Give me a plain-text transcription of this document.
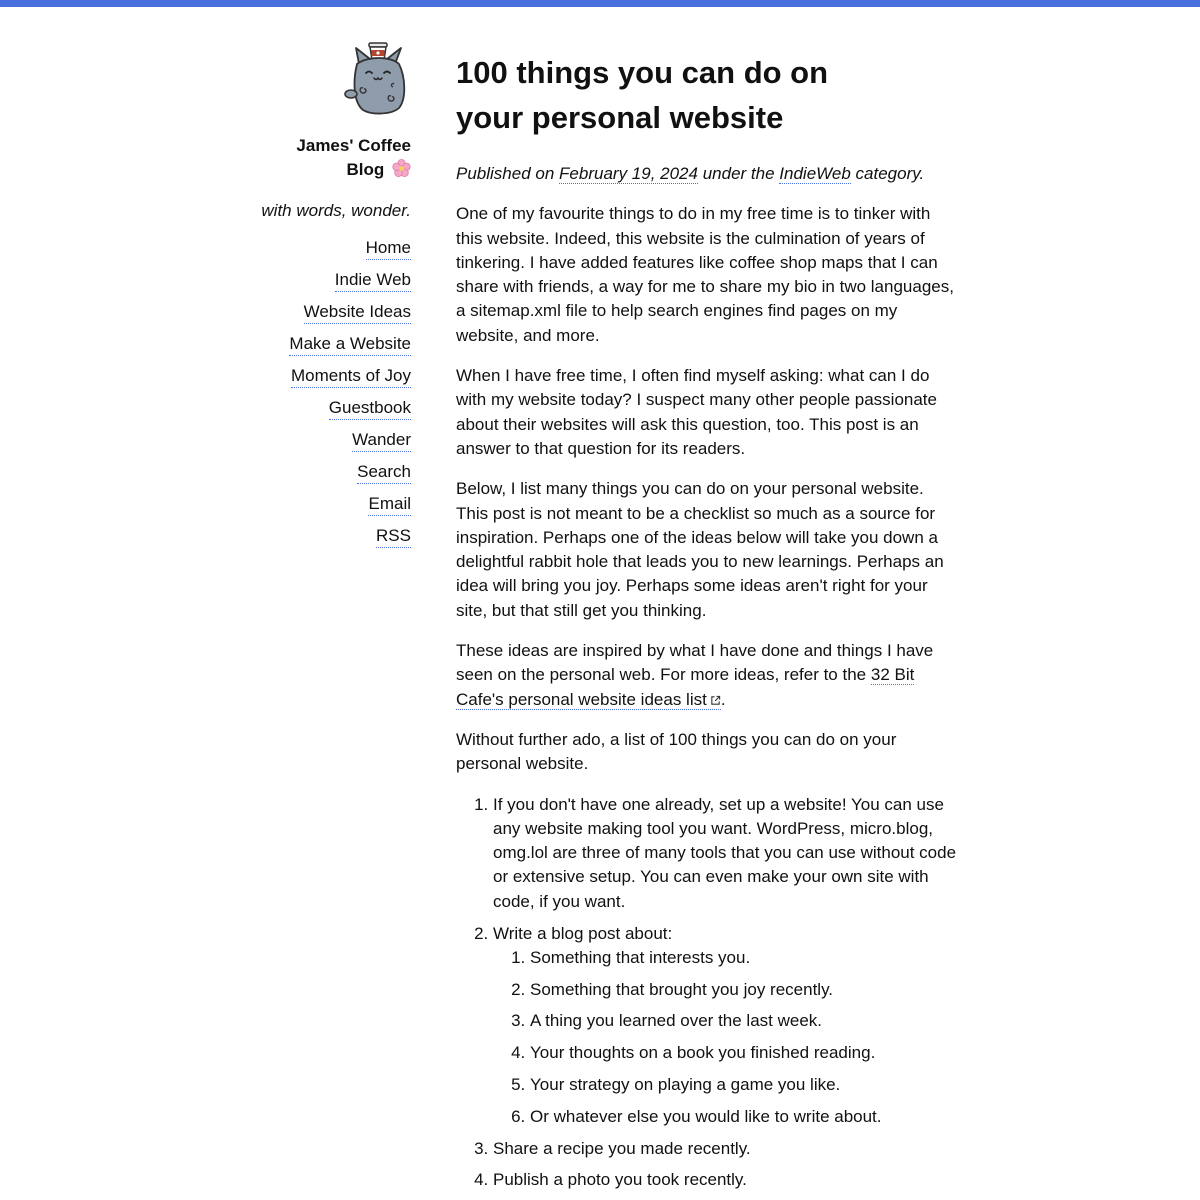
James' Coffee
Blog
with words, wonder.
Home
Indie Web
Website Ideas
Make a Website
Moments of Joy
Guestbook
Wander
Search
Email
RSS
100 things you can do on your personal website
Published on February 19, 2024 under the IndieWeb category.

One of my favourite things to do in my free time is to tinker with this website. Indeed, this website is the culmination of years of tinkering. I have added features like coffee shop maps that I can share with friends, a way for me to share my bio in two languages, a sitemap.xml file to help search engines find pages on my website, and more.

When I have free time, I often find myself asking: what can I do with my website today? I suspect many other people passionate about their websites will ask this question, too. This post is an answer to that question for its readers.

Below, I list many things you can do on your personal website. This post is not meant to be a checklist so much as a source for inspiration. Perhaps one of the ideas below will take you down a delightful rabbit hole that leads you to new learnings. Perhaps an idea will bring you joy. Perhaps some ideas aren't right for your site, but that still get you thinking.

These ideas are inspired by what I have done and things I have seen on the personal web. For more ideas, refer to the 32 Bit Cafe's personal website ideas list .

Without further ado, a list of 100 things you can do on your personal website.

1. If you don't have one already, set up a website! You can use any website making tool you want. WordPress, micro.blog, omg.lol are three of many tools that you can use without code or extensive setup. You can even make your own site with code, if you want.
2. Write a blog post about:
1. Something that interests you.
2. Something that brought you joy recently.
3. A thing you learned over the last week.
4. Your thoughts on a book you finished reading.
5. Your strategy on playing a game you like.
6. Or whatever else you would like to write about.
3. Share a recipe you made recently.
4. Publish a photo you took recently.
